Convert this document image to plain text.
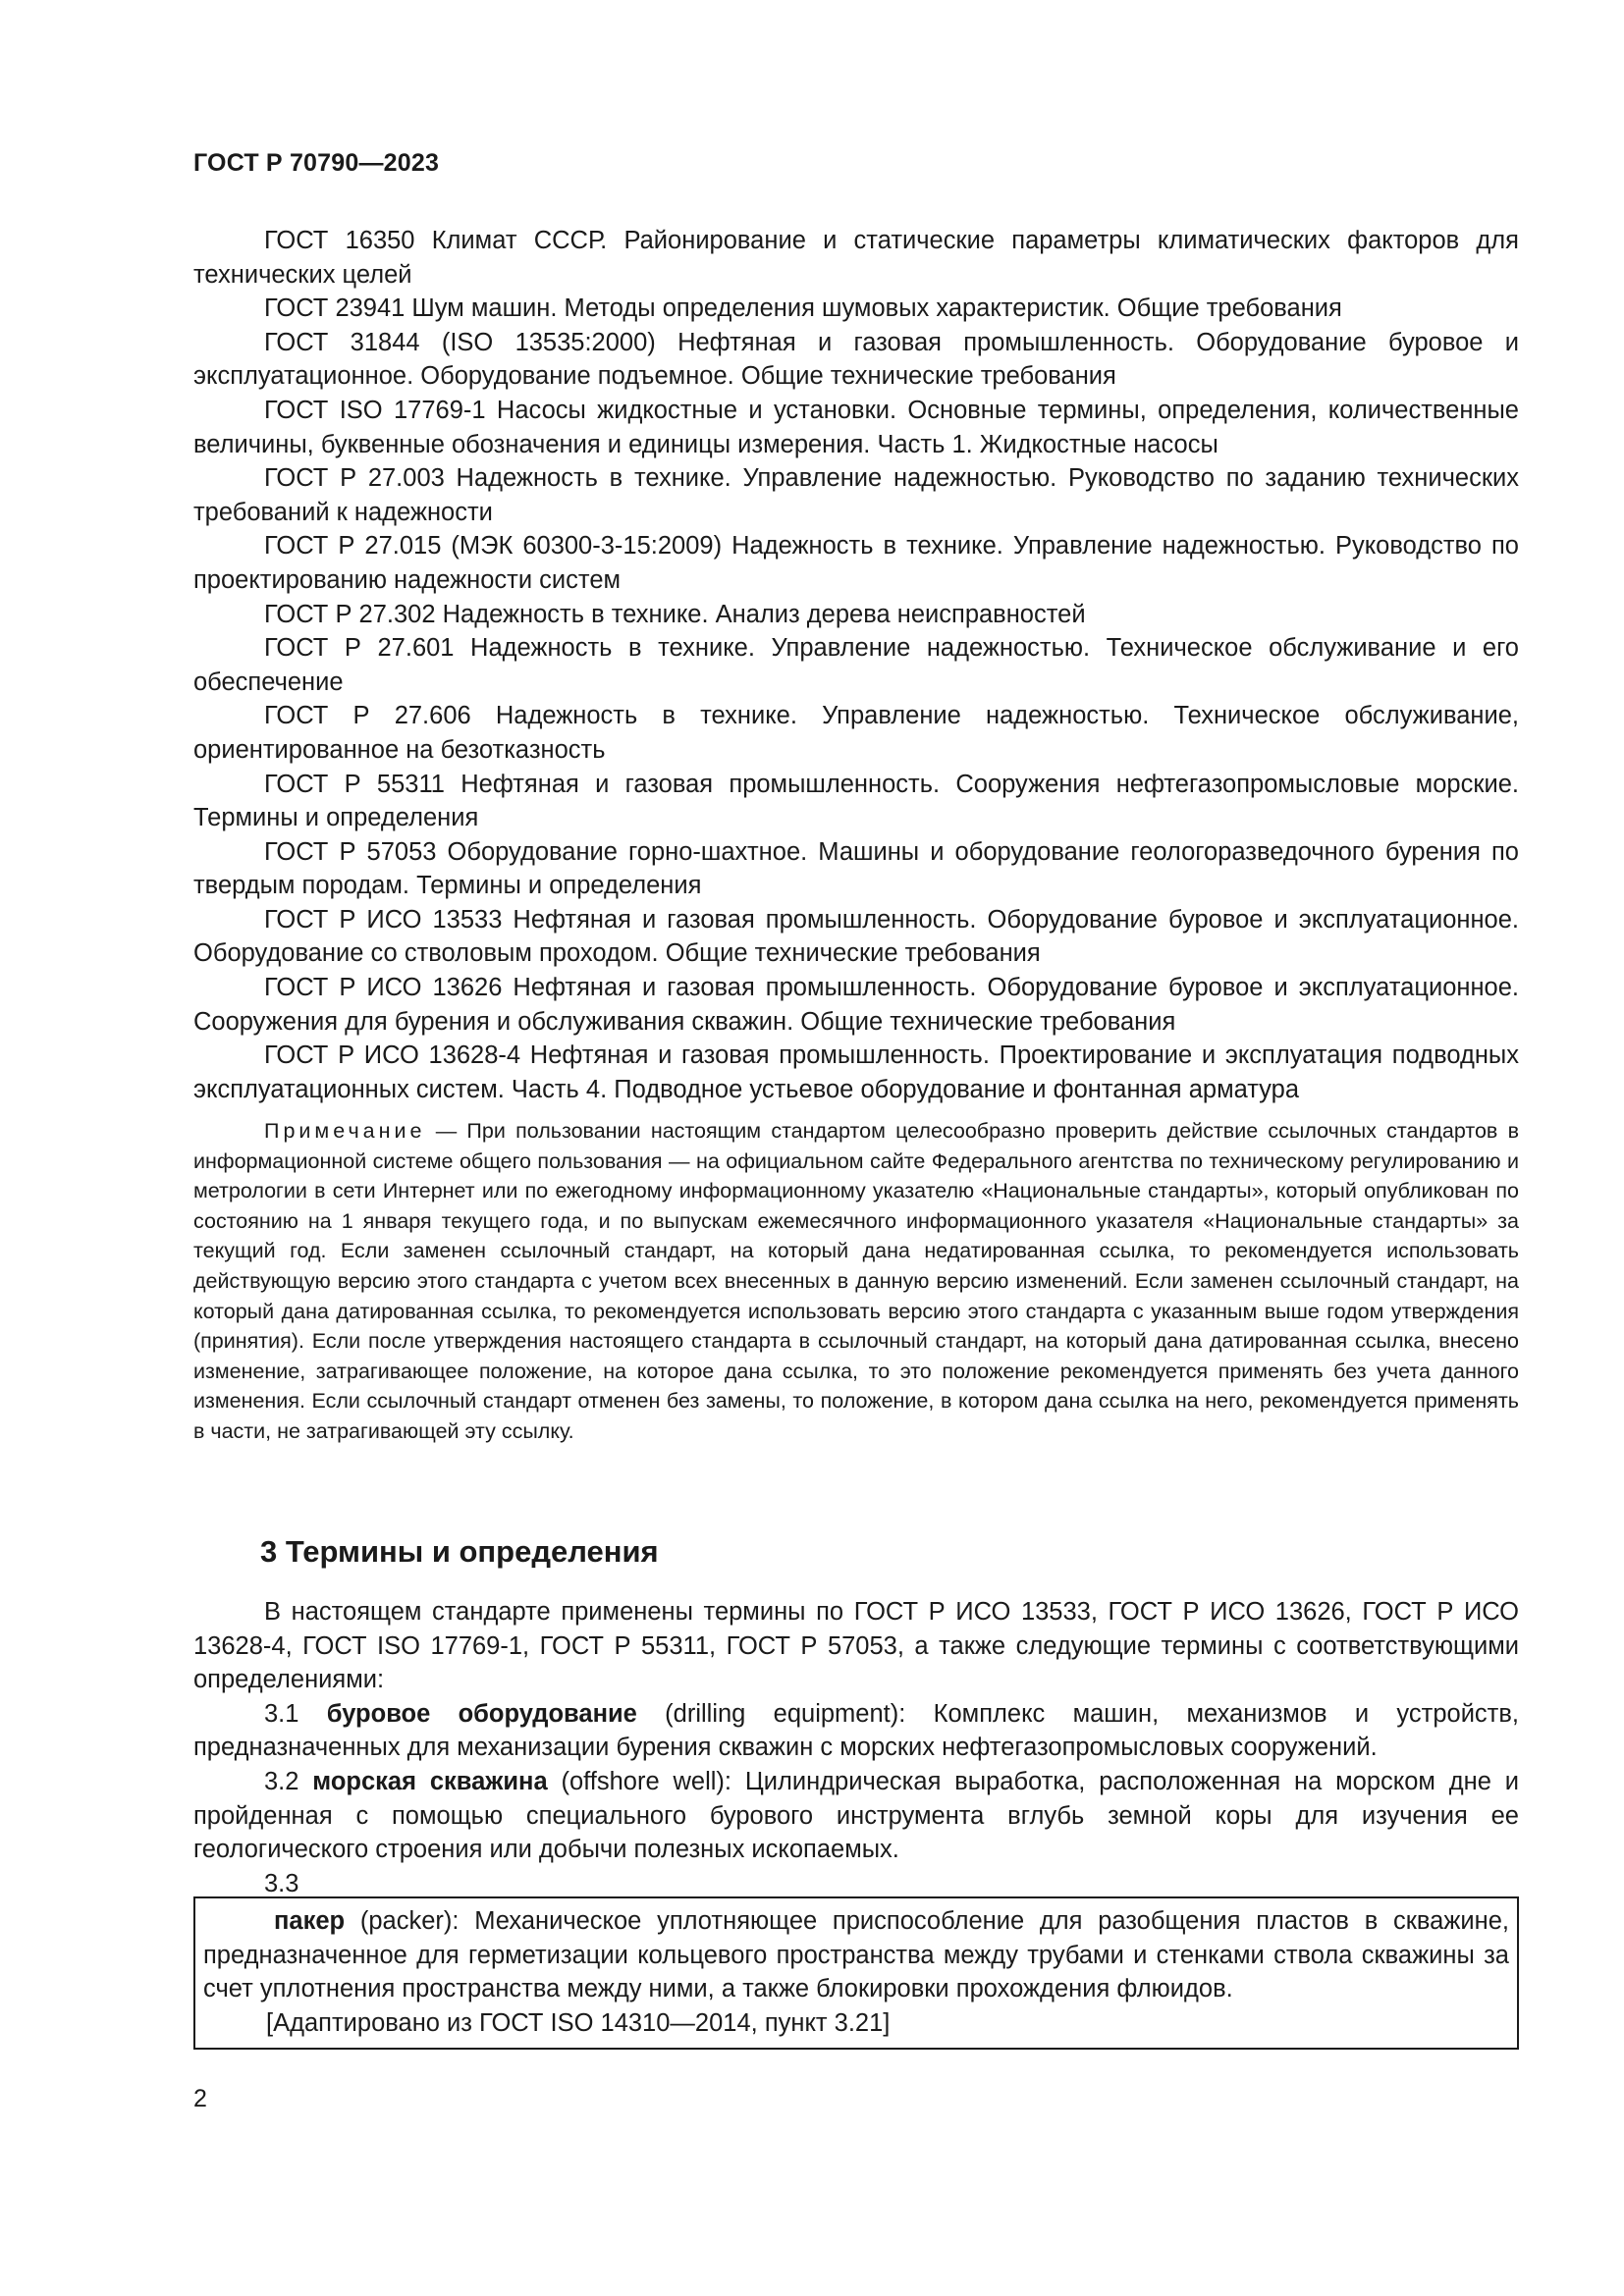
ГОСТ Р 70790—2023

ГОСТ 16350 Климат СССР. Районирование и статические параметры климатических факторов для технических целей

ГОСТ 23941 Шум машин. Методы определения шумовых характеристик. Общие требования

ГОСТ 31844 (ISO 13535:2000) Нефтяная и газовая промышленность. Оборудование буровое и эксплуатационное. Оборудование подъемное. Общие технические требования

ГОСТ ISO 17769-1 Насосы жидкостные и установки. Основные термины, определения, количественные величины, буквенные обозначения и единицы измерения. Часть 1. Жидкостные насосы

ГОСТ Р 27.003 Надежность в технике. Управление надежностью. Руководство по заданию технических требований к надежности

ГОСТ Р 27.015 (МЭК 60300-3-15:2009) Надежность в технике. Управление надежностью. Руководство по проектированию надежности систем

ГОСТ Р 27.302 Надежность в технике. Анализ дерева неисправностей

ГОСТ Р 27.601 Надежность в технике. Управление надежностью. Техническое обслуживание и его обеспечение

ГОСТ Р 27.606 Надежность в технике. Управление надежностью. Техническое обслуживание, ориентированное на безотказность

ГОСТ Р 55311 Нефтяная и газовая промышленность. Сооружения нефтегазопромысловые морские. Термины и определения

ГОСТ Р 57053 Оборудование горно-шахтное. Машины и оборудование геологоразведочного бурения по твердым породам. Термины и определения

ГОСТ Р ИСО 13533 Нефтяная и газовая промышленность. Оборудование буровое и эксплуатационное. Оборудование со стволовым проходом. Общие технические требования

ГОСТ Р ИСО 13626 Нефтяная и газовая промышленность. Оборудование буровое и эксплуатационное. Сооружения для бурения и обслуживания скважин. Общие технические требования

ГОСТ Р ИСО 13628-4 Нефтяная и газовая промышленность. Проектирование и эксплуатация подводных эксплуатационных систем. Часть 4. Подводное устьевое оборудование и фонтанная арматура

Примечание — При пользовании настоящим стандартом целесообразно проверить действие ссылочных стандартов в информационной системе общего пользования — на официальном сайте Федерального агентства по техническому регулированию и метрологии в сети Интернет или по ежегодному информационному указателю «Национальные стандарты», который опубликован по состоянию на 1 января текущего года, и по выпускам ежемесячного информационного указателя «Национальные стандарты» за текущий год. Если заменен ссылочный стандарт, на который дана недатированная ссылка, то рекомендуется использовать действующую версию этого стандарта с учетом всех внесенных в данную версию изменений. Если заменен ссылочный стандарт, на который дана датированная ссылка, то рекомендуется использовать версию этого стандарта с указанным выше годом утверждения (принятия). Если после утверждения настоящего стандарта в ссылочный стандарт, на который дана датированная ссылка, внесено изменение, затрагивающее положение, на которое дана ссылка, то это положение рекомендуется применять без учета данного изменения. Если ссылочный стандарт отменен без замены, то положение, в котором дана ссылка на него, рекомендуется применять в части, не затрагивающей эту ссылку.
3 Термины и определения

В настоящем стандарте применены термины по ГОСТ Р ИСО 13533, ГОСТ Р ИСО 13626, ГОСТ Р ИСО 13628-4, ГОСТ ISO 17769-1, ГОСТ Р 55311, ГОСТ Р 57053, а также следующие термины с соответствующими определениями:

3.1 буровое оборудование (drilling equipment): Комплекс машин, механизмов и устройств, предназначенных для механизации бурения скважин с морских нефтегазопромысловых сооружений.

3.2 морская скважина (offshore well): Цилиндрическая выработка, расположенная на морском дне и пройденная с помощью специального бурового инструмента вглубь земной коры для изучения ее геологического строения или добычи полезных ископаемых.

3.3

пакер (packer): Механическое уплотняющее приспособление для разобщения пластов в скважине, предназначенное для герметизации кольцевого пространства между трубами и стенками ствола скважины за счет уплотнения пространства между ними, а также блокировки прохождения флюидов.

[Адаптировано из ГОСТ ISO 14310—2014, пункт 3.21]

2
